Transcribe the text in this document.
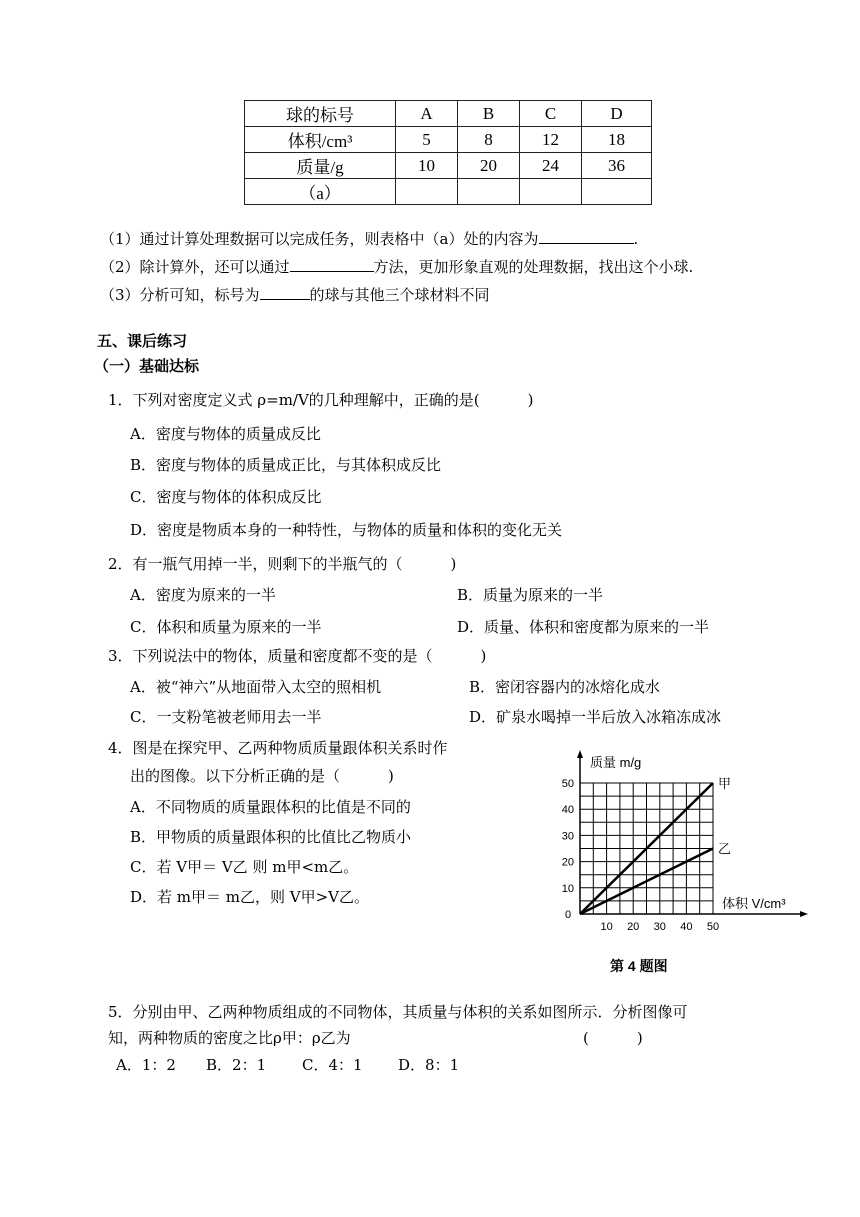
球的标号	A	B	C	D
体积/cm³	5	8	12	18
质量/g	10	20	24	36
（a）				
（1）通过计算处理数据可以完成任务，则表格中（a）处的内容为	.
（2）除计算外，还可以通过	方法，更加形象直观的处理数据，找出这个小球.
（3）分析可知，标号为	的球与其他三个球材料不同
五、课后练习
（一）基础达标
1．下列对密度定义式 ρ=m/V的几种理解中，正确的是(	)
A．密度与物体的质量成反比
B．密度与物体的质量成正比，与其体积成反比
C．密度与物体的体积成反比
D．密度是物质本身的一种特性，与物体的质量和体积的变化无关
2．有一瓶气用掉一半，则剩下的半瓶气的（	)
A．密度为原来的一半	B．质量为原来的一半
C．体积和质量为原来的一半	D．质量、体积和密度都为原来的一半
3．下列说法中的物体，质量和密度都不变的是（	)
A．被“神六”从地面带入太空的照相机	B．密闭容器内的冰熔化成水
C．一支粉笔被老师用去一半	D．矿泉水喝掉一半后放入冰箱冻成冰
4．图是在探究甲、乙两种物质质量跟体积关系时作
出的图像。以下分析正确的是（	)
A．不同物质的质量跟体积的比值是不同的
B．甲物质的质量跟体积的比值比乙物质小
C．若 V甲＝ V乙 则 m甲<m乙。
D．若 m甲＝ m乙，则 V甲>V乙。	10
20
30
40
50
10 20 30 40 50
0
质量 m/g
体积 V/cm³
甲
乙
第 4 题图
5．分别由甲、乙两种物质组成的不同物体，其质量与体积的关系如图所示．分析图像可
知，两种物质的密度之比ρ甲：ρ乙为	(	)
A．1：2 B．2：1 C．4：1 D．8：1
